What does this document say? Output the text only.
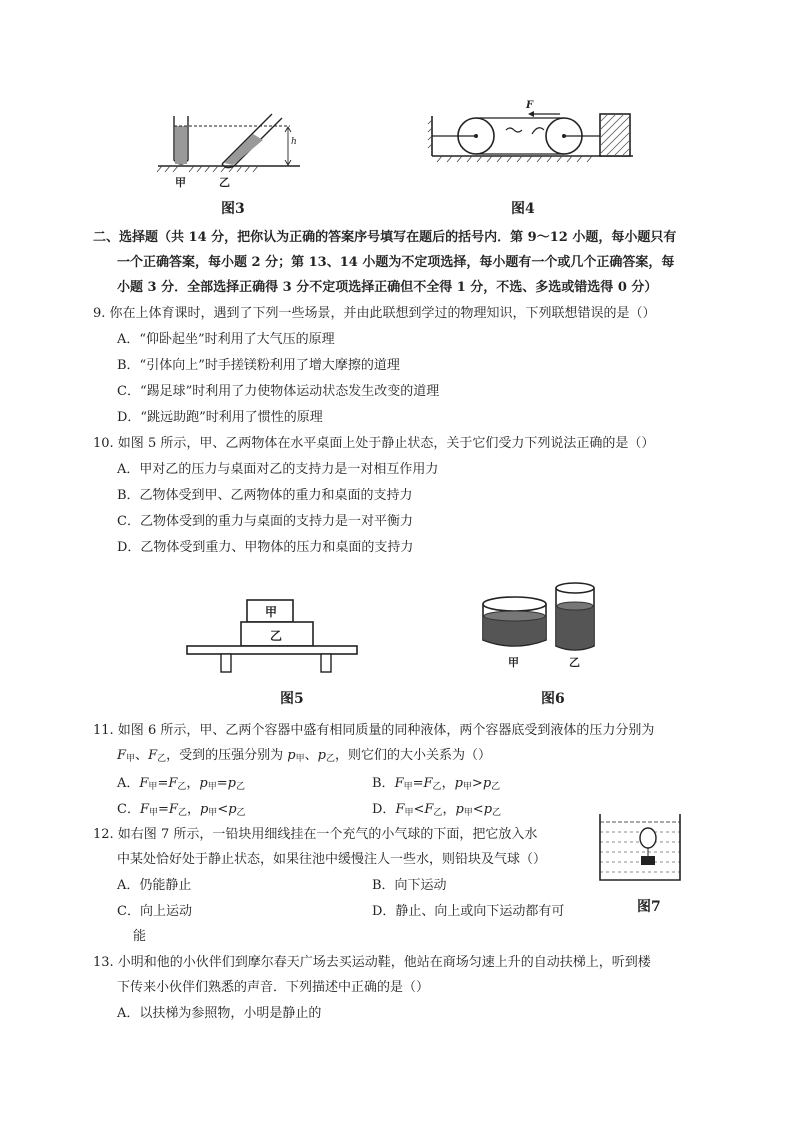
h
甲	乙
图3
F
图4
二、选择题（共 14 分，把你认为正确的答案序号填写在题后的括号内．第 9～12 小题，每小题只有
一个正确答案，每小题 2 分；第 13、14 小题为不定项选择，每小题有一个或几个正确答案，每
小题 3 分．全部选择正确得 3 分不定项选择正确但不全得 1 分，不选、多选或错选得 0 分）
9. 你在上体育课时，遇到了下列一些场景，并由此联想到学过的物理知识，下列联想错误的是（）
A．“仰卧起坐”时利用了大气压的原理
B．“引体向上”时手搓镁粉利用了增大摩擦的道理
C．“踢足球”时利用了力使物体运动状态发生改变的道理
D．“跳远助跑”时利用了惯性的原理
10. 如图 5 所示，甲、乙两物体在水平桌面上处于静止状态，关于它们受力下列说法正确的是（）
A．甲对乙的压力与桌面对乙的支持力是一对相互作用力
B．乙物体受到甲、乙两物体的重力和桌面的支持力
C．乙物体受到的重力与桌面的支持力是一对平衡力
D．乙物体受到重力、甲物体的压力和桌面的支持力
甲
乙
图5
甲	乙
图6
11. 如图 6 所示，甲、乙两个容器中盛有相同质量的同种液体，两个容器底受到液体的压力分别为
$F_甲$、$F_乙$，受到的压强分别为 $p_甲$、$p_乙$，则它们的大小关系为（）
A．$F_甲=F_乙$，$p_甲=p_乙$	B．$F_甲=F_乙$，$p_甲>p_乙$
C．$F_甲=F_乙$，$p_甲<p_乙$	D．$F_甲<F_乙$，$p_甲<p_乙$
12. 如右图 7 所示，一铅块用细线挂在一个充气的小气球的下面，把它放入水
中某处恰好处于静止状态，如果往池中缓慢注人一些水，则铅块及气球（）
A．仍能静止	B．向下运动
C．向上运动	D．静止、向上或向下运动都有可
能
图7
13. 小明和他的小伙伴们到摩尔春天广场去买运动鞋，他站在商场匀速上升的自动扶梯上，听到楼
下传来小伙伴们熟悉的声音．下列描述中正确的是（）
A．以扶梯为参照物，小明是静止的
